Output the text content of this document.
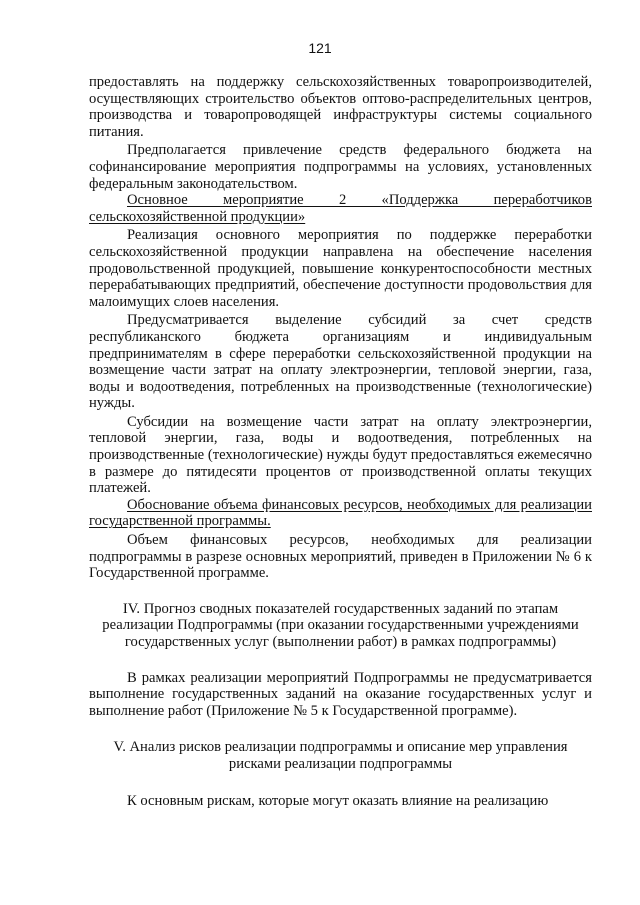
121

предоставлять на поддержку сельскохозяйственных товаропроизводителей, осуществляющих строительство объектов оптово-распределительных центров, производства и товаропроводящей инфраструктуры системы социального питания.

Предполагается привлечение средств федерального бюджета на софинансирование мероприятия подпрограммы на условиях, установленных федеральным законодательством.

Основное мероприятие 2 «Поддержка переработчиков сельскохозяйственной продукции»

Реализация основного мероприятия по поддержке переработки сельскохозяйственной продукции направлена на обеспечение населения продовольственной продукцией, повышение конкурентоспособности местных перерабатывающих предприятий, обеспечение доступности продовольствия для малоимущих слоев населения.

Предусматривается выделение субсидий за счет средств республиканского бюджета организациям и индивидуальным предпринимателям в сфере переработки сельскохозяйственной продукции на возмещение части затрат на оплату электроэнергии, тепловой энергии, газа, воды и водоотведения, потребленных на производственные (технологические) нужды.

Субсидии на возмещение части затрат на оплату электроэнергии, тепловой энергии, газа, воды и водоотведения, потребленных на производственные (технологические) нужды будут предоставляться ежемесячно в размере до пятидесяти процентов от производственной оплаты текущих платежей.

Обоснование объема финансовых ресурсов, необходимых для реализации государственной программы.

Объем финансовых ресурсов, необходимых для реализации подпрограммы в разрезе основных мероприятий, приведен в Приложении № 6 к Государственной программе.

IV. Прогноз сводных показателей государственных заданий по этапам реализации Подпрограммы (при оказании государственными учреждениями государственных услуг (выполнении работ) в рамках подпрограммы)

В рамках реализации мероприятий Подпрограммы не предусматривается выполнение государственных заданий на оказание государственных услуг и выполнение работ (Приложение № 5 к Государственной программе).

V. Анализ рисков реализации подпрограммы и описание мер управления рисками реализации подпрограммы

К основным рискам, которые могут оказать влияние на реализацию
